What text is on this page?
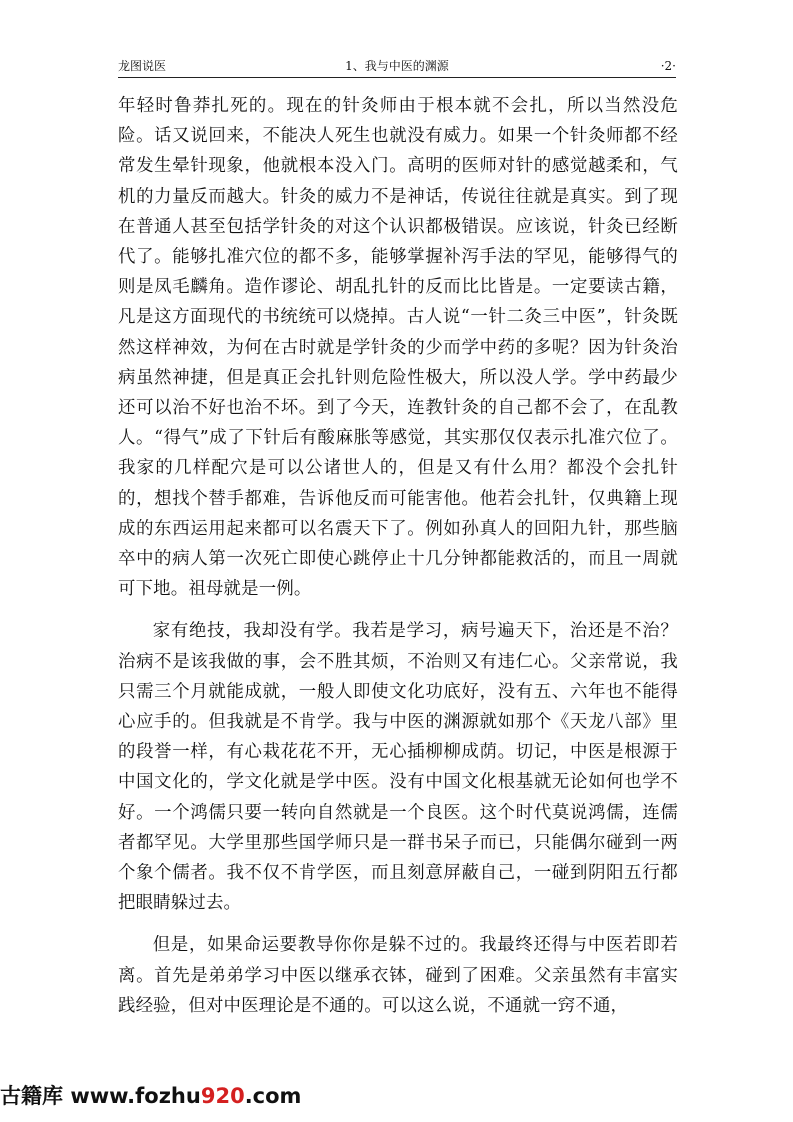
龙图说医	1、我与中医的渊源	·2·

年轻时鲁莽扎死的。现在的针灸师由于根本就不会扎，所以当然没危险。话又说回来，不能决人死生也就没有威力。如果一个针灸师都不经常发生晕针现象，他就根本没入门。高明的医师对针的感觉越柔和，气机的力量反而越大。针灸的威力不是神话，传说往往就是真实。到了现在普通人甚至包括学针灸的对这个认识都极错误。应该说，针灸已经断代了。能够扎准穴位的都不多，能够掌握补泻手法的罕见，能够得气的则是凤毛麟角。造作谬论、胡乱扎针的反而比比皆是。一定要读古籍，凡是这方面现代的书统统可以烧掉。古人说“一针二灸三中医”，针灸既然这样神效，为何在古时就是学针灸的少而学中药的多呢？因为针灸治病虽然神捷，但是真正会扎针则危险性极大，所以没人学。学中药最少还可以治不好也治不坏。到了今天，连教针灸的自己都不会了，在乱教人。“得气”成了下针后有酸麻胀等感觉，其实那仅仅表示扎准穴位了。我家的几样配穴是可以公诸世人的，但是又有什么用？都没个会扎针的，想找个替手都难，告诉他反而可能害他。他若会扎针，仅典籍上现成的东西运用起来都可以名震天下了。例如孙真人的回阳九针，那些脑卒中的病人第一次死亡即使心跳停止十几分钟都能救活的，而且一周就可下地。祖母就是一例。

家有绝技，我却没有学。我若是学习，病号遍天下，治还是不治？治病不是该我做的事，会不胜其烦，不治则又有违仁心。父亲常说，我只需三个月就能成就，一般人即使文化功底好，没有五、六年也不能得心应手的。但我就是不肯学。我与中医的渊源就如那个《天龙八部》里的段誉一样，有心栽花花不开，无心插柳柳成荫。切记，中医是根源于中国文化的，学文化就是学中医。没有中国文化根基就无论如何也学不好。一个鸿儒只要一转向自然就是一个良医。这个时代莫说鸿儒，连儒者都罕见。大学里那些国学师只是一群书呆子而已，只能偶尔碰到一两个象个儒者。我不仅不肯学医，而且刻意屏蔽自己，一碰到阴阳五行都把眼睛躲过去。

但是，如果命运要教导你你是躲不过的。我最终还得与中医若即若离。首先是弟弟学习中医以继承衣钵，碰到了困难。父亲虽然有丰富实践经验，但对中医理论是不通的。可以这么说，不通就一窍不通，

古籍库 www.fozhu920.com
